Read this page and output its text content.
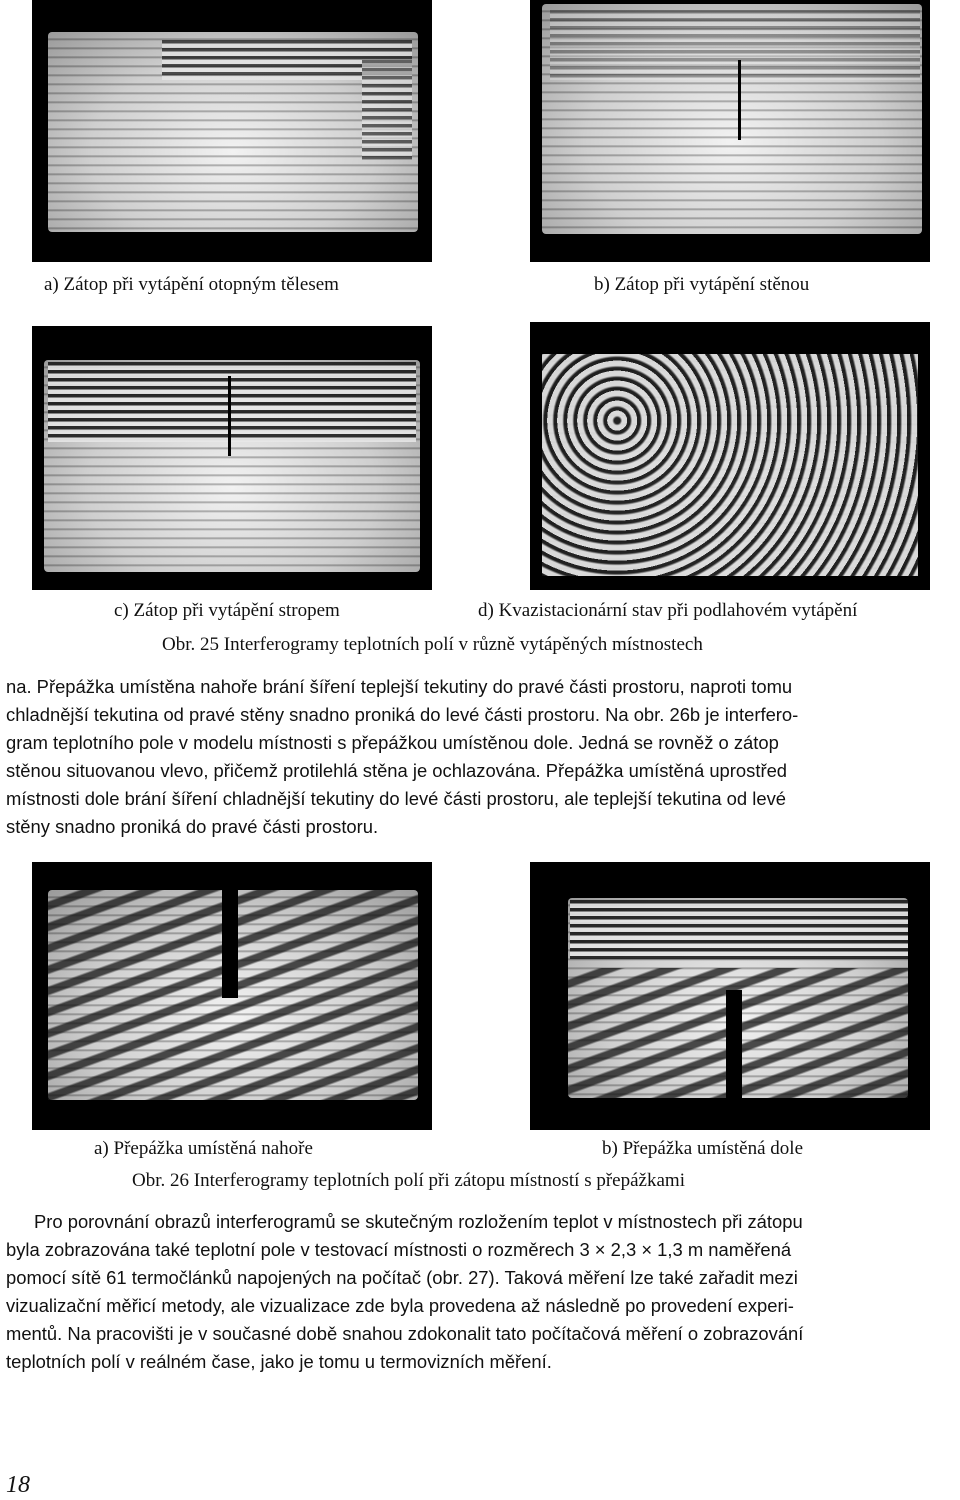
a) Zátop při vytápění otopným tělesem	b) Zátop při vytápění stěnou
c) Zátop při vytápění stropem	d) Kvazistacionární stav při podlahovém vytápění
Obr. 25 Interferogramy teplotních polí v různě vytápěných místnostech

na. Přepážka umístěna nahoře brání šíření teplejší tekutiny do pravé části prostoru, naproti tomu

chladnější tekutina od pravé stěny snadno proniká do levé části prostoru. Na obr. 26b je interfero-

gram teplotního pole v modelu místnosti s přepážkou umístěnou dole. Jedná se rovněž o zátop

stěnou situovanou vlevo, přičemž protilehlá stěna je ochlazována. Přepážka umístěná uprostřed

místnosti dole brání šíření chladnější tekutiny do levé části prostoru, ale teplejší tekutina od levé

stěny snadno proniká do pravé části prostoru.

a) Přepážka umístěná nahoře	b) Přepážka umístěná dole
Obr. 26 Interferogramy teplotních polí při zátopu místností s přepážkami

Pro porovnání obrazů interferogramů se skutečným rozložením teplot v místnostech při zátopu

byla zobrazována také teplotní pole v testovací místnosti o rozměrech 3 × 2,3 × 1,3 m naměřená

pomocí sítě 61 termočlánků napojených na počítač (obr. 27). Taková měření lze také zařadit mezi

vizualizační měřicí metody, ale vizualizace zde byla provedena až následně po provedení experi-

mentů. Na pracovišti je v současné době snahou zdokonalit tato počítačová měření o zobrazování

teplotních polí v reálném čase, jako je tomu u termovizních měření.

18
